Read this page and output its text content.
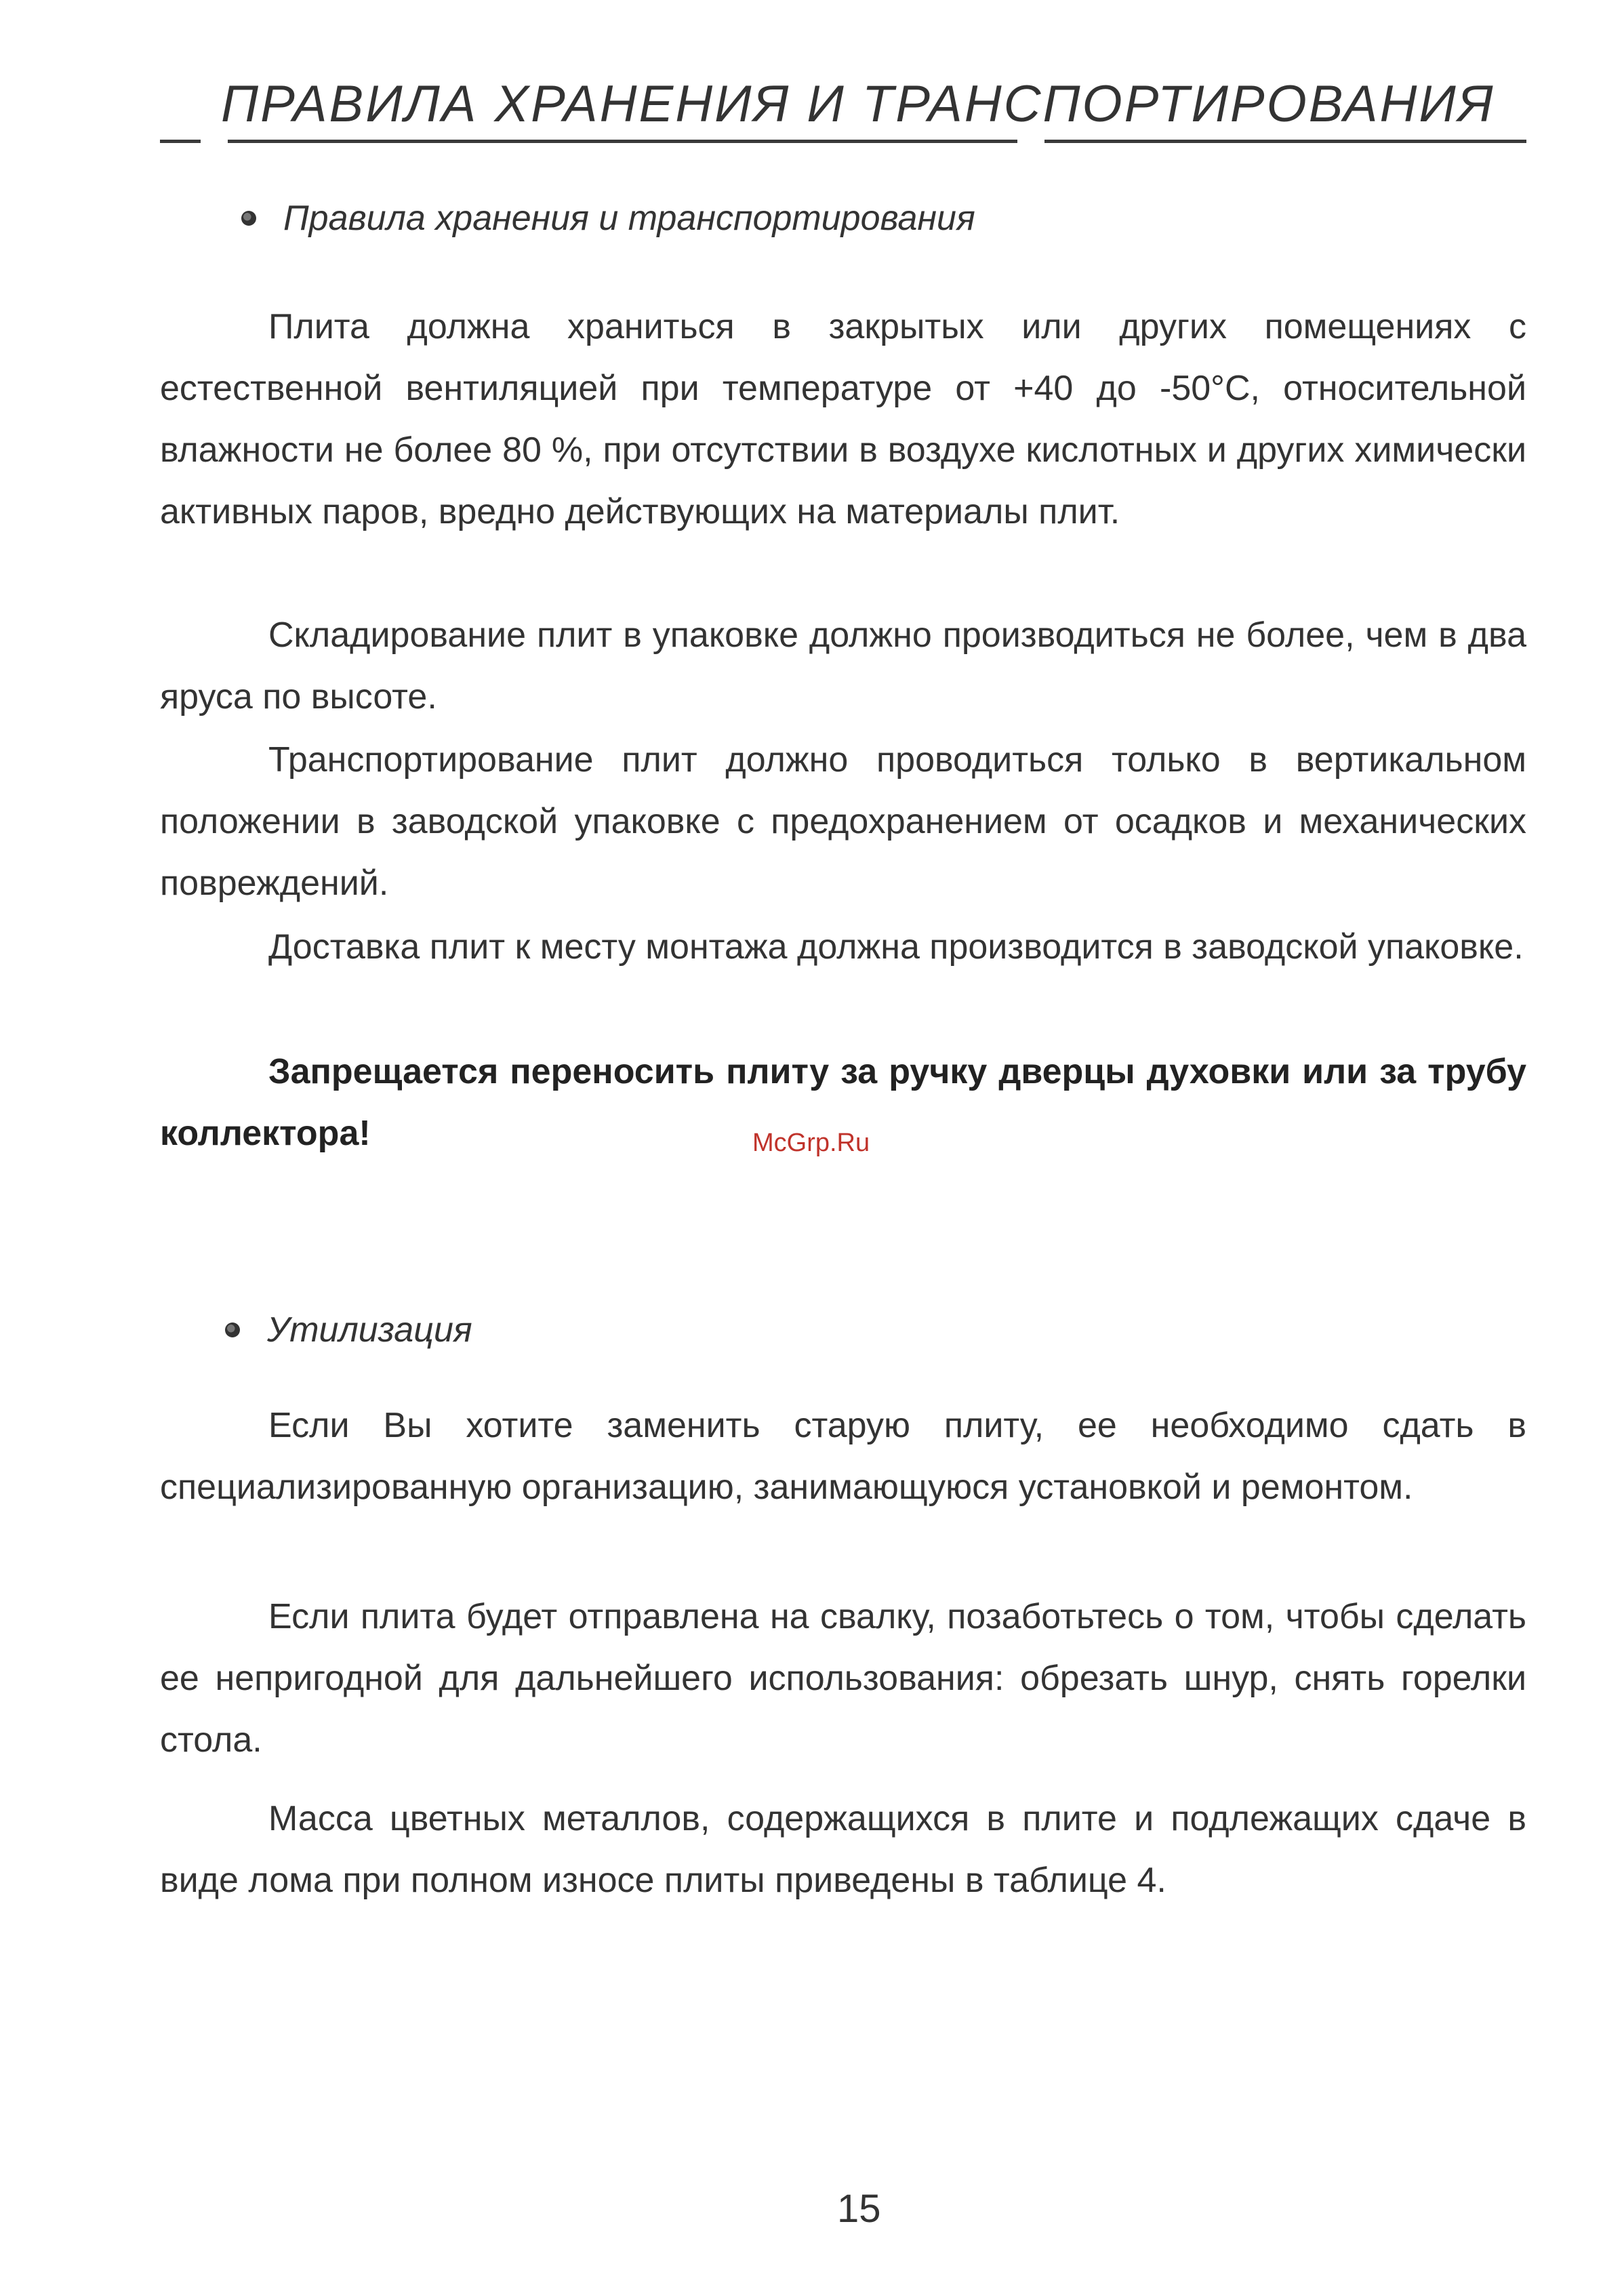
ПРАВИЛА ХРАНЕНИЯ И ТРАНСПОРТИРОВАНИЯ
Правила хранения и транспортирования

Плита должна храниться в закрытых или других помещениях с естественной вентиляцией при температуре от +40 до -50°C, относительной влажности не более 80 %, при отсутствии в воздухе кислотных и других химически активных паров, вредно действующих на материалы плит.

Складирование плит в упаковке должно производиться не более, чем в два яруса по высоте.

Транспортирование плит должно проводиться только в вертикальном положении в заводской упаковке с предохранением от осадков и механических повреждений.

Доставка плит к месту монтажа должна производится в заводской упаковке.

Запрещается переносить плиту за ручку дверцы духовки или за трубу коллектора!	McGrp.Ru
Утилизация

Если Вы хотите заменить старую плиту, ее необходимо сдать в специализированную организацию, занимающуюся установкой и ремонтом.

Если плита будет отправлена на свалку, позаботьтесь о том, чтобы сделать ее непригодной для дальнейшего использования: обрезать шнур, снять горелки стола.

Масса цветных металлов, содержащихся в плите и подлежащих сдаче в виде лома при полном износе плиты приведены в таблице 4.

15
